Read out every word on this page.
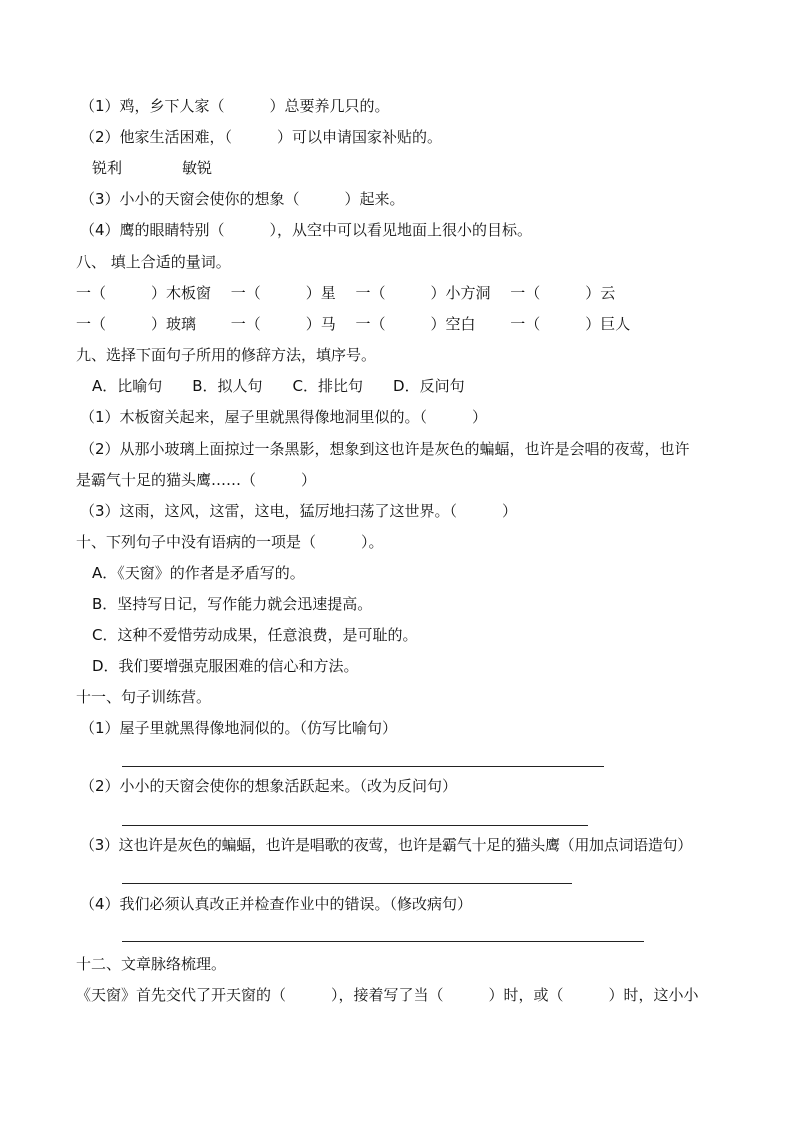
（1）鸡，乡下人家（　　　）总要养几只的。
（2）他家生活困难，（　　　）可以申请国家补贴的。
锐利　　　　敏锐
（3）小小的天窗会使你的想象（　　　）起来。
（4）鹰的眼睛特别（　　　），从空中可以看见地面上很小的目标。
八、 填上合适的量词。
一（　　　）木板窗　 一（　　　）星　 一（　　　）小方洞　 一（　　　）云
一（　　　）玻璃　　 一（　　　）马　 一（　　　）空白　　 一（　　　）巨人
九、选择下面句子所用的修辞方法，填序号。
A．比喻句　　B．拟人句　　C．排比句　　D．反问句
（1）木板窗关起来，屋子里就黑得像地洞里似的。（　　　）
（2）从那小玻璃上面掠过一条黑影，想象到这也许是灰色的蝙蝠，也许是会唱的夜莺，也许
是霸气十足的猫头鹰……（　　　）
（3）这雨，这风，这雷，这电，猛厉地扫荡了这世界。（　　　）
十、下列句子中没有语病的一项是（　　　）。
A．《天窗》的作者是矛盾写的。
B．坚持写日记，写作能力就会迅速提高。
C．这种不爱惜劳动成果，任意浪费，是可耻的。
D．我们要增强克服困难的信心和方法。
十一、句子训练营。
（1）屋子里就黑得像地洞似的。（仿写比喻句）
（2）小小的天窗会使你的想象活跃起来。（改为反问句）
（3）这也许是灰色的蝙蝠，也许是唱歌的夜莺，也许是霸气十足的猫头鹰（用加点词语造句）
（4）我们必须认真改正并检查作业中的错误。（修改病句）
十二、文章脉络梳理。
《天窗》首先交代了开天窗的（　　　），接着写了当（　　　）时，或（　　　）时，这小小
